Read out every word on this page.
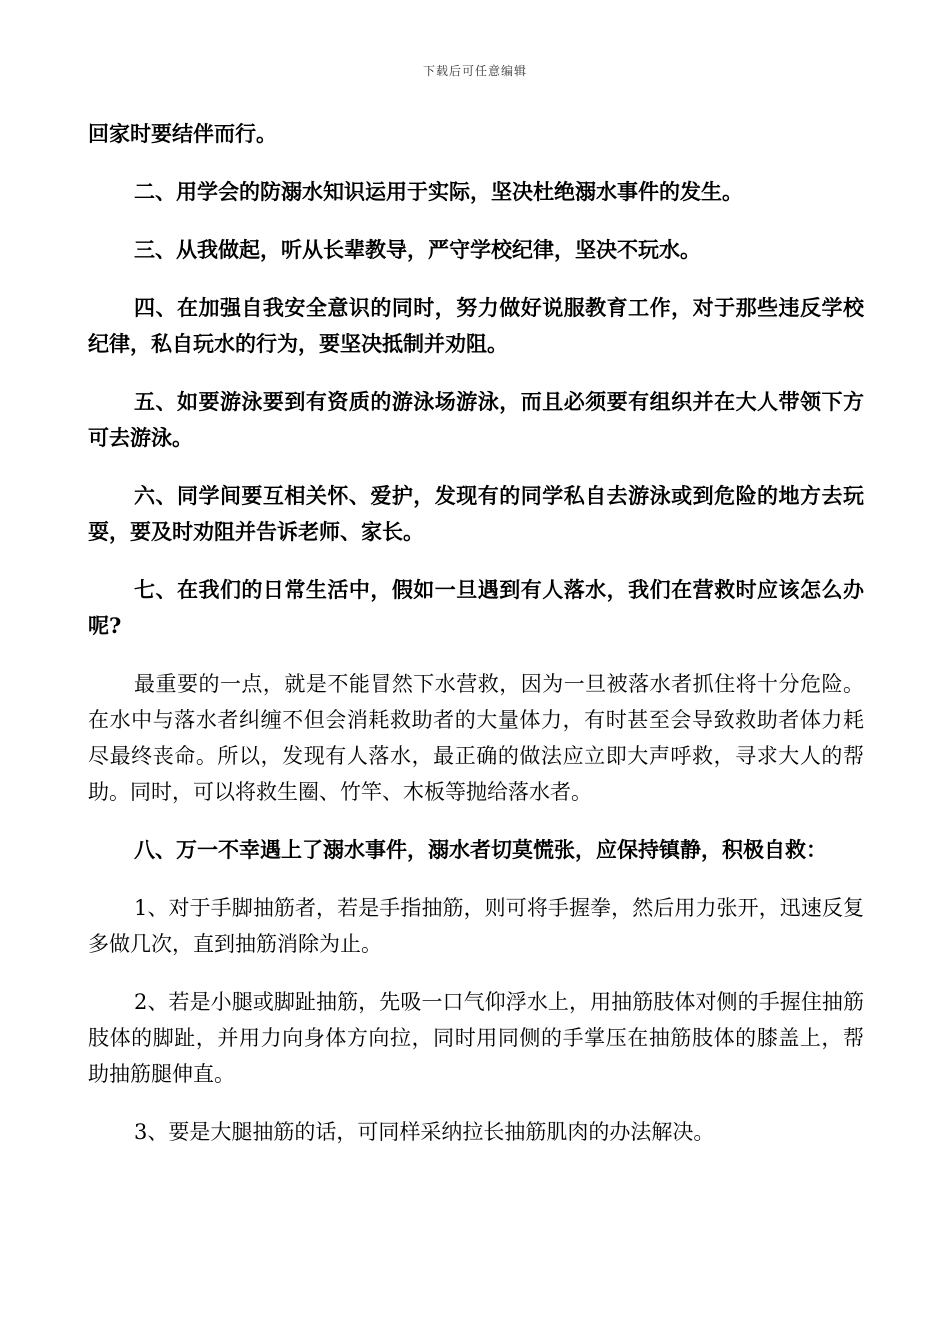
下载后可任意编辑

回家时要结伴而行。

二、用学会的防溺水知识运用于实际，坚决杜绝溺水事件的发生。

三、从我做起，听从长辈教导，严守学校纪律，坚决不玩水。

四、在加强自我安全意识的同时，努力做好说服教育工作，对于那些违反学校纪律，私自玩水的行为，要坚决抵制并劝阻。

五、如要游泳要到有资质的游泳场游泳，而且必须要有组织并在大人带领下方可去游泳。

六、同学间要互相关怀、爱护，发现有的同学私自去游泳或到危险的地方去玩耍，要及时劝阻并告诉老师、家长。

七、在我们的日常生活中，假如一旦遇到有人落水，我们在营救时应该怎么办呢?

最重要的一点，就是不能冒然下水营救，因为一旦被落水者抓住将十分危险。在水中与落水者纠缠不但会消耗救助者的大量体力，有时甚至会导致救助者体力耗尽最终丧命。所以，发现有人落水，最正确的做法应立即大声呼救，寻求大人的帮助。同时，可以将救生圈、竹竿、木板等抛给落水者。

八、万一不幸遇上了溺水事件，溺水者切莫慌张，应保持镇静，积极自救：

1、对于手脚抽筋者，若是手指抽筋，则可将手握拳，然后用力张开，迅速反复多做几次，直到抽筋消除为止。

2、若是小腿或脚趾抽筋，先吸一口气仰浮水上，用抽筋肢体对侧的手握住抽筋肢体的脚趾，并用力向身体方向拉，同时用同侧的手掌压在抽筋肢体的膝盖上，帮助抽筋腿伸直。

3、要是大腿抽筋的话，可同样采纳拉长抽筋肌肉的办法解决。
